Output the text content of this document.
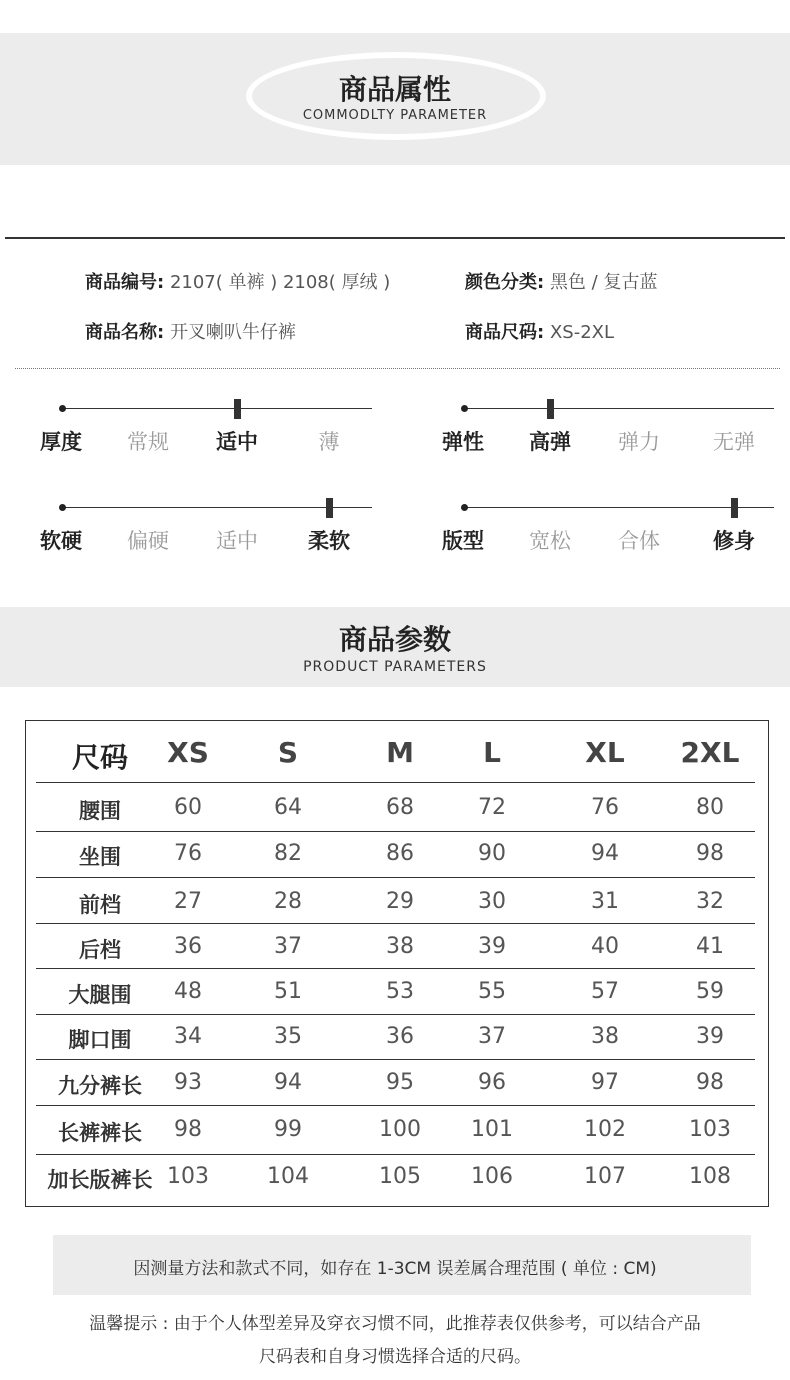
商品属性
COMMODLTY PARAMETER
商品编号: 2107( 单裤 ) 2108( 厚绒 )	颜色分类: 黑色 / 复古蓝
商品名称: 开叉喇叭牛仔裤	商品尺码: XS-2XL
厚度 常规 适中	薄	弹性 高弹 弹力	无弹
软硬 偏硬 适中 柔软	版型 宽松 合体	修身
商品参数
PRODUCT PARAMETERS
尺码 XS S	M L	XL 2XL
腰围 60	64	68	72	76	80
坐围 76	82	86	90	94	98
前档 27	28	29	30	31	32
后档 36	37	38	39	40	41
大腿围 48	51	53	55	57	59
脚口围 34	35	36	37	38	39
九分裤长 93	94	95	96	97	98
长裤裤长 98	99	100 101	102	103
加长版裤长 103	104	105 106	107	108
因测量方法和款式不同，如存在 1-3CM 误差属合理范围 ( 单位 : CM)
温馨提示 : 由于个人体型差异及穿衣习惯不同，此推荐表仅供参考，可以结合产品
尺码表和自身习惯选择合适的尺码。
